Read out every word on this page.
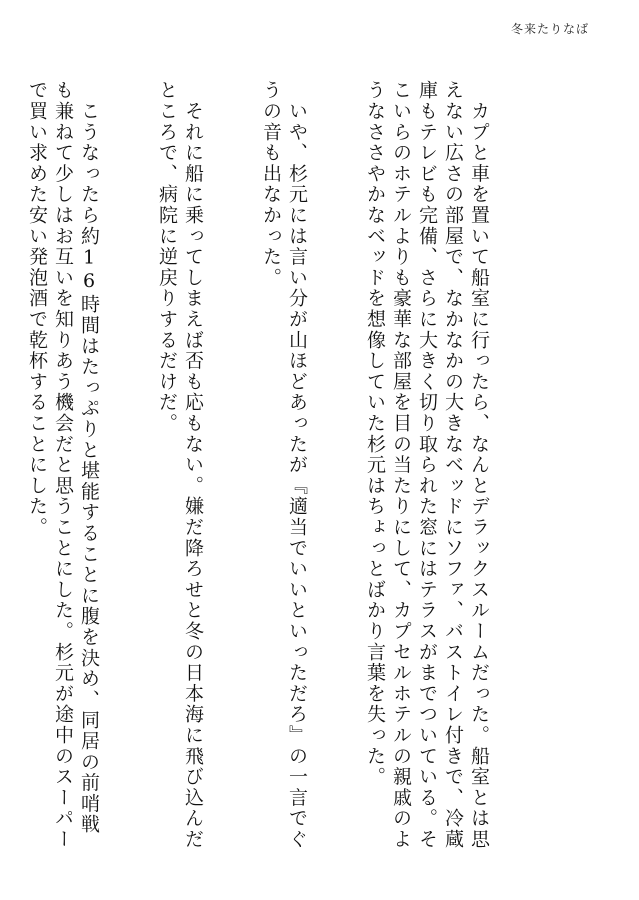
冬来たりなば

　カプと車を置いて船室に行ったら、なんとデラックスルームだった。船室とは思えない広さの部屋で、なかなかの大きなベッドにソファ、バストイレ付きで、冷蔵庫もテレビも完備、さらに大きく切り取られた窓にはテラスがまでついている。そこいらのホテルよりも豪華な部屋を目の当たりにして、カプセルホテルの親戚のようなささやかなベッドを想像していた杉元はちょっとばかり言葉を失った。

　いや、杉元には言い分が山ほどあったが『適当でいいといっただろ』の一言でぐうの音も出なかった。

　それに船に乗ってしまえば否も応もない。嫌だ降ろせと冬の日本海に飛び込んだところで、病院に逆戻りするだけだ。

　こうなったら約16時間はたっぷりと堪能することに腹を決め、同居の前哨戦も兼ねて少しはお互いを知りあう機会だと思うことにした。杉元が途中のスーパーで買い求めた安い発泡酒で乾杯することにした。
